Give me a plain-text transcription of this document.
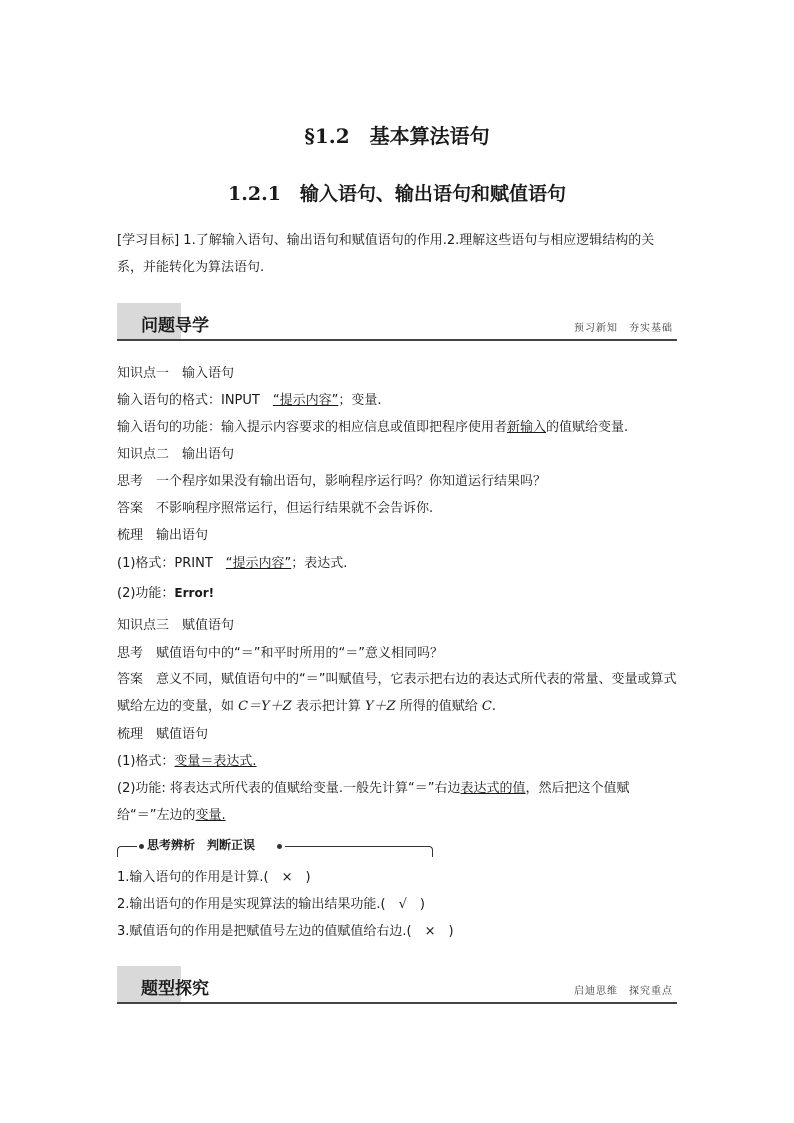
§1.2　基本算法语句
1.2.1　输入语句、输出语句和赋值语句
[学习目标] 1.了解输入语句、输出语句和赋值语句的作用.2.理解这些语句与相应逻辑结构的关系，并能转化为算法语句.
问题导学	预习新知　夯实基础
知识点一　输入语句
输入语句的格式：INPUT　“提示内容”；变量.
输入语句的功能：输入提示内容要求的相应信息或值即把程序使用者新输入的值赋给变量.
知识点二　输出语句
思考　一个程序如果没有输出语句，影响程序运行吗？你知道运行结果吗？
答案　不影响程序照常运行，但运行结果就不会告诉你.
梳理　输出语句
(1)格式：PRINT　“提示内容”；表达式.
(2)功能：Error!
知识点三　赋值语句
思考　赋值语句中的“＝”和平时所用的“＝”意义相同吗？
答案　意义不同，赋值语句中的“＝”叫赋值号，它表示把右边的表达式所代表的常量、变量或算式赋给左边的变量，如 C＝Y＋Z 表示把计算 Y＋Z 所得的值赋给 C.
梳理　赋值语句
(1)格式：变量＝表达式.
(2)功能: 将表达式所代表的值赋给变量.一般先计算“＝”右边表达式的值，然后把这个值赋给“＝”左边的变量.
思考辨析　判断正误
1.输入语句的作用是计算.(　×　)
2.输出语句的作用是实现算法的输出结果功能.(　√　)
3.赋值语句的作用是把赋值号左边的值赋值给右边.(　×　)
题型探究	启迪思维　探究重点
